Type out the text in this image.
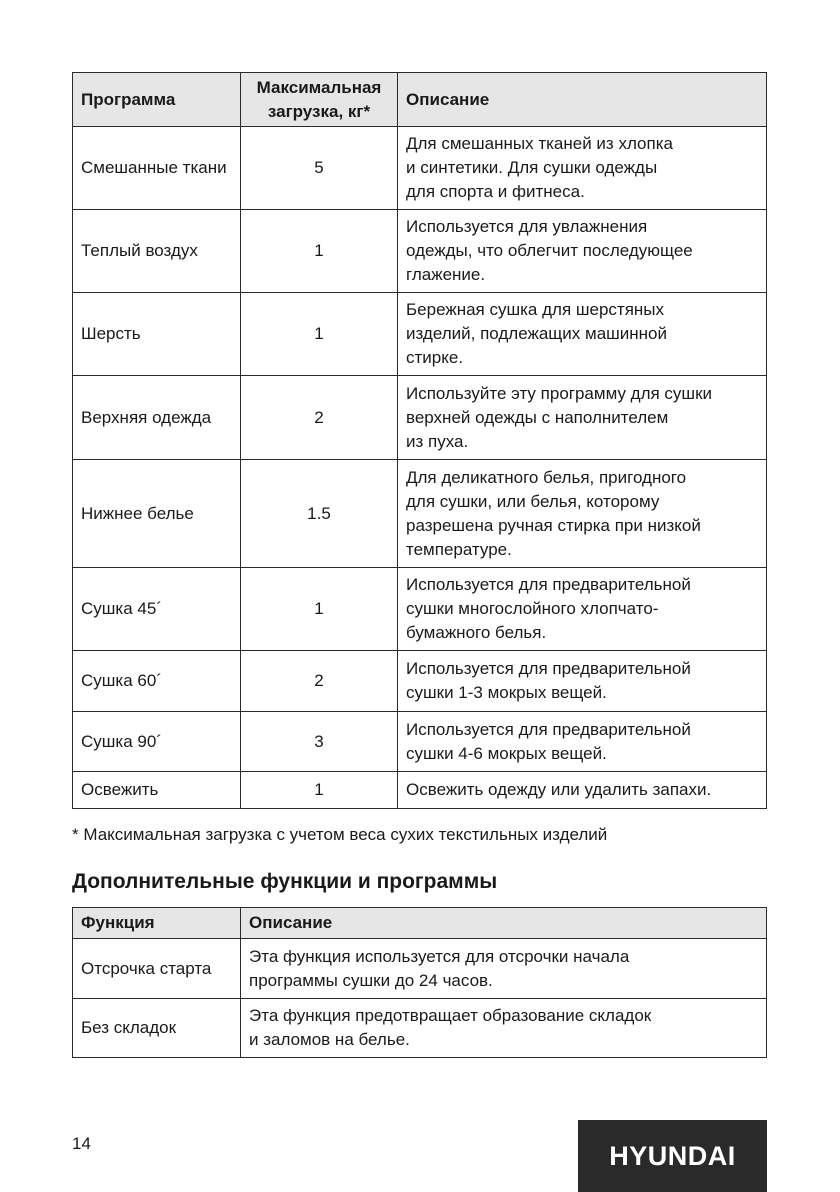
Программа	Максимальная загрузка, кг*	Описание

Смешанные ткани	5	Для смешанных тканей из хлопка
и синтетики. Для сушки одежды
для спорта и фитнеса.

Теплый воздух	1	Используется для увлажнения
одежды, что облегчит последующее
глажение.

Шерсть	1	Бережная сушка для шерстяных
изделий, подлежащих машинной
стирке.

Верхняя одежда	2	Используйте эту программу для сушки
верхней одежды с наполнителем
из пуха.

Нижнее белье	1.5	Для деликатного белья, пригодного
для сушки, или белья, которому
разрешена ручная стирка при низкой
температуре.

Сушка 45´	1	Используется для предварительной
сушки многослойного хлопчато-
бумажного белья.

Сушка 60´	2	Используется для предварительной
сушки 1-3 мокрых вещей.

Сушка 90´	3	Используется для предварительной
сушки 4-6 мокрых вещей.

Освежить	1	Освежить одежду или удалить запахи.
* Максимальная загрузка с учетом веса сухих текстильных изделий
Дополнительные функции и программы
Функция	Описание
Отсрочка старта	Эта функция используется для отсрочки начала
программы сушки до 24 часов.

Без складок	Эта функция предотвращает образование складок
и заломов на белье.
14	HYUNDAI
